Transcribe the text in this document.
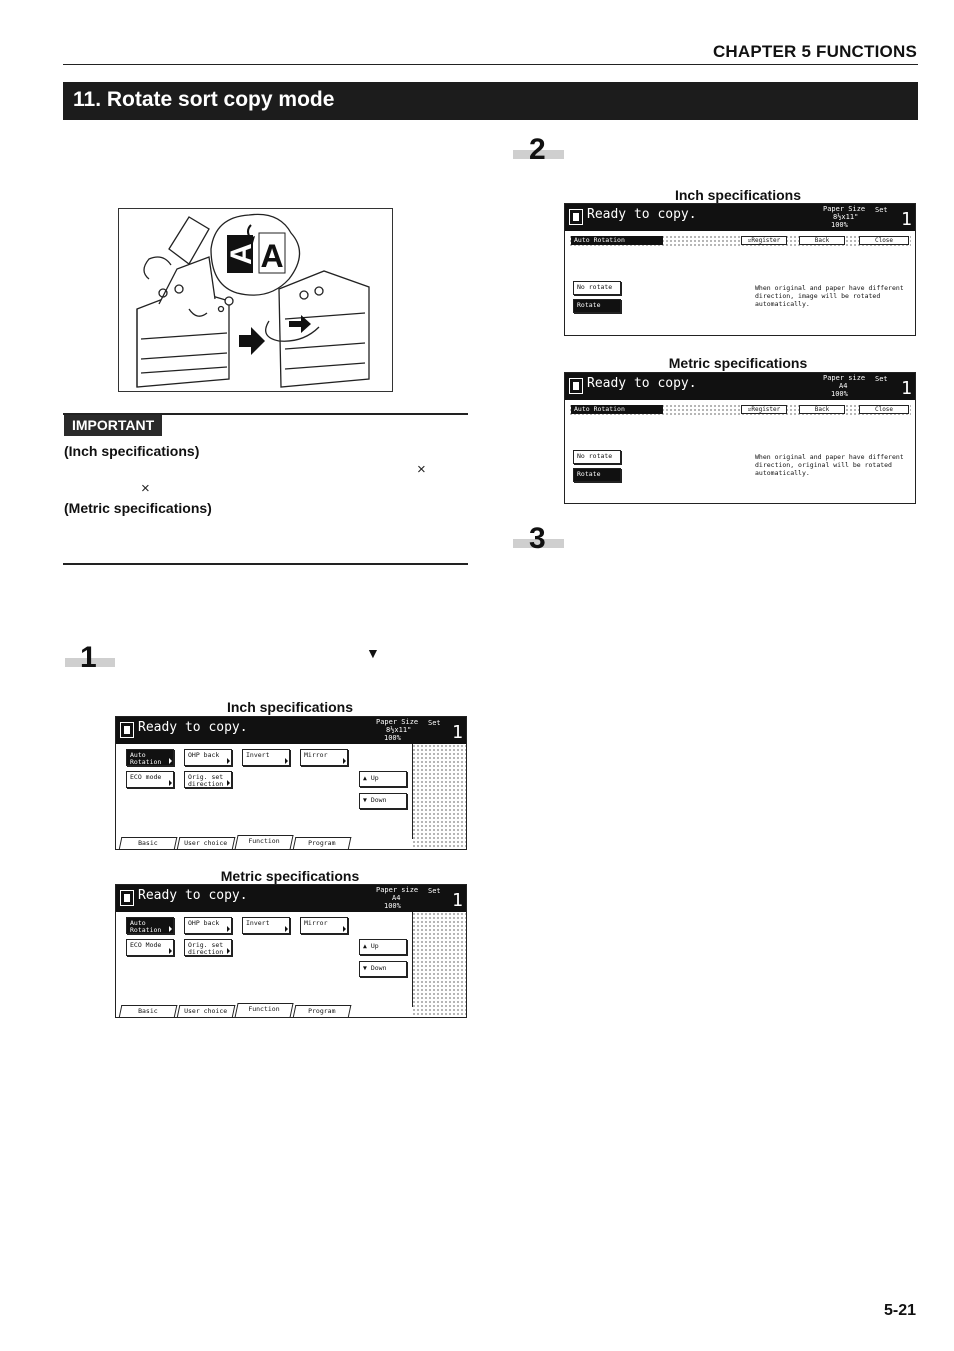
CHAPTER 5 FUNCTIONS
11. Rotate sort copy mode
A A
IMPORTANT
(Inch specifications)
×
×
(Metric specifications)
1	▼
Inch specifications
Ready to copy.	Paper Size
8½x11"
100%
Set 1
Auto Rotation
OHP back	Invert	Mirror
ECO mode	Orig. set direction
▲ Up
▼ Down
Basic	User choice	Function	Program
Metric specifications
Ready to copy.	Paper size
A4
100%
Set 1
Auto Rotation
OHP back	Invert	Mirror
ECO Mode	Orig. set direction
▲ Up
▼ Down
Basic	User choice	Function	Program
2
Inch specifications
Ready to copy.	Paper Size
8½x11"
100%
Set 1
Auto Rotation	☑Register	Back	Close
No rotate
Rotate
When original and paper have different
direction, image will be rotated
automatically.
Metric specifications
Ready to copy.	Paper size
A4
100%
Set 1
Auto Rotation	☑Register	Back	Close
No rotate
Rotate
When original and paper have different
direction, original will be rotated
automatically.
3
5-21
